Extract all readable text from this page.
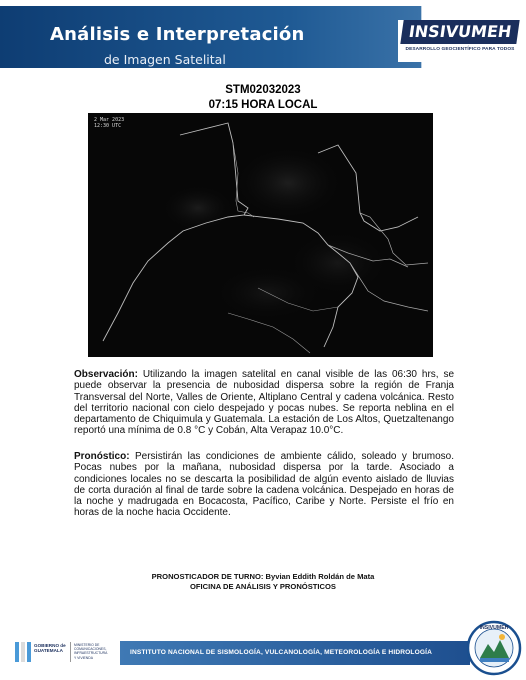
Análisis e Interpretación
de Imagen Satelital
INSIVUMEH
DESARROLLO GEOCIENTÍFICO PARA TODOS
STM02032023
07:15 HORA LOCAL
2 Mar 2023
12:30 UTC
Observación: Utilizando la imagen satelital en canal visible de las 06:30 hrs, se puede observar la presencia de nubosidad dispersa sobre la región de Franja Transversal del Norte, Valles de Oriente, Altiplano Central y cadena volcánica. Resto del territorio nacional con cielo despejado y pocas nubes. Se reporta neblina en el departamento de Chiquimula y Guatemala. La estación de Los Altos, Quetzaltenango reportó una mínima de 0.8 °C y Cobán, Alta Verapaz 10.0°C.
Pronóstico: Persistirán las condiciones de ambiente cálido, soleado y brumoso. Pocas nubes por la mañana, nubosidad dispersa por la tarde. Asociado a condiciones locales no se descarta la posibilidad de algún evento aislado de lluvias de corta duración al final de tarde sobre la cadena volcánica. Despejado en horas de la noche y madrugada en Bocacosta, Pacífico, Caribe y Norte. Persiste el frío en horas de la noche hacia Occidente.
PRONOSTICADOR DE TURNO: Byvian Eddith Roldán de Mata
OFICINA DE ANÁLISIS Y PRONÓSTICOS
GOBIERNO de
GUATEMALA
MINISTERIO DE
COMUNICACIONES,
INFRAESTRUCTURA
Y VIVIENDA
INSTITUTO NACIONAL DE SISMOLOGÍA, VULCANOLOGÍA, METEOROLOGÍA E HIDROLOGÍA
INSIVUMEH
